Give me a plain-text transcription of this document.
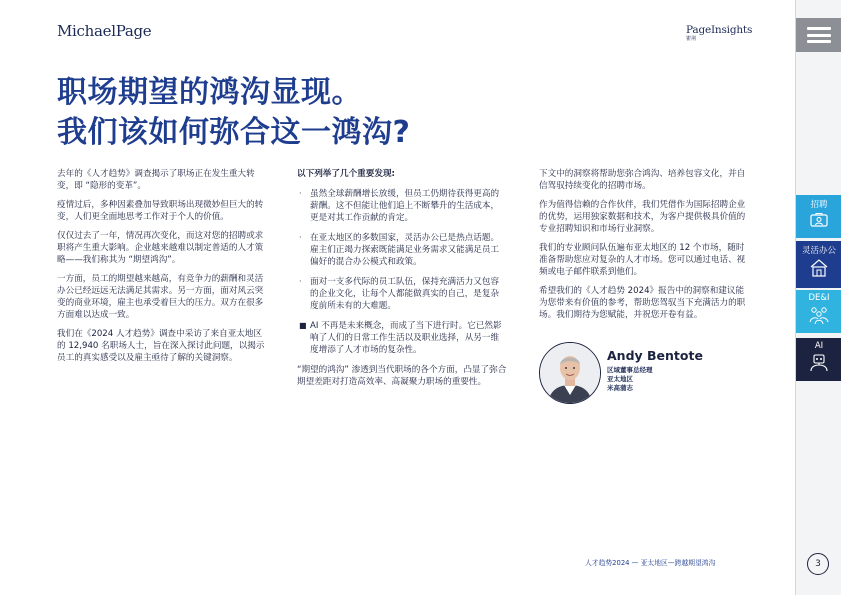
MichaelPage	PageInsights
瞿荆
职场期望的鸿沟显现。
我们该如何弥合这一鸿沟?

去年的《人才趋势》调查揭示了职场正在发生重大转变，即 “隐形的变革”。

疫情过后，多种因素叠加导致职场出现微妙但巨大的转变，人们更全面地思考工作对于个人的价值。

仅仅过去了一年，情况再次变化，而这对您的招聘或求职将产生重大影响。企业越来越难以制定普适的人才策略——我们称其为 “期望鸿沟”。

一方面，员工的期望越来越高，有竞争力的薪酬和灵活办公已经远远无法满足其需求。另一方面，面对风云突变的商业环境，雇主也承受着巨大的压力。双方在很多方面难以达成一致。

我们在《2024 人才趋势》调查中采访了来自亚太地区的 12,940 名职场人士，旨在深入探讨此问题，以揭示员工的真实感受以及雇主亟待了解的关键洞察。

以下列举了几个重要发现:
· 虽然全球薪酬增长放缓，但员工仍期待获得更高的薪酬。这不但能让他们追上不断攀升的生活成本，更是对其工作贡献的肯定。
· 在亚太地区的多数国家，灵活办公已是热点话题。雇主们正竭力探索既能满足业务需求又能满足员工偏好的混合办公模式和政策。
· 面对一支多代际的员工队伍，保持充满活力又包容的企业文化，让每个人都能做真实的自己，是复杂度前所未有的大难题。
■ AI 不再是未来概念，而成了当下进行时。它已然影响了人们的日常工作生活以及职业选择，从另一维度增添了人才市场的复杂性。

“期望的鸿沟” 渗透到当代职场的各个方面，凸显了弥合期望差距对打造高效率、高凝聚力职场的重要性。

下文中的洞察将帮助您弥合鸿沟、培养包容文化，并自信驾驭持续变化的招聘市场。

作为值得信赖的合作伙伴，我们凭借作为国际招聘企业的优势，运用独家数据和技术，为客户提供极具价值的专业招聘知识和市场行业洞察。

我们的专业顾问队伍遍布亚太地区的 12 个市场，随时准备帮助您应对复杂的人才市场。您可以通过电话、视频或电子邮件联系到他们。

希望我们的《人才趋势 2024》报告中的洞察和建议能为您带来有价值的参考，帮助您驾驭当下充满活力的职场。我们期待为您赋能，并祝您开卷有益。

Andy Bentote
区域董事总经理
亚太地区
米高蒲志
人才趋势2024 — 亚太地区—跨越期望鸿沟
招聘
灵活办公
DE&I
AI
3
